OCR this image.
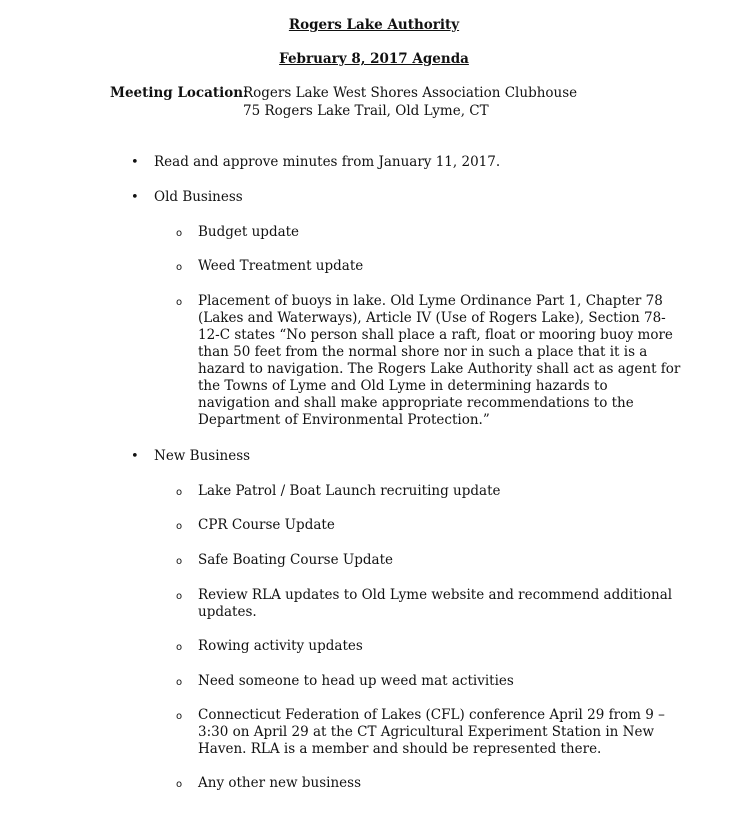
Rogers Lake Authority
February 8, 2017 Agenda
Meeting Location:
Rogers Lake West Shores Association Clubhouse
75 Rogers Lake Trail, Old Lyme, CT
• Read and approve minutes from January 11, 2017.
• Old Business
o Budget update
o Weed Treatment update
o Placement of buoys in lake. Old Lyme Ordinance Part 1, Chapter 78
(Lakes and Waterways), Article IV (Use of Rogers Lake), Section 78-
12-C states “No person shall place a raft, float or mooring buoy more
than 50 feet from the normal shore nor in such a place that it is a
hazard to navigation. The Rogers Lake Authority shall act as agent for
the Towns of Lyme and Old Lyme in determining hazards to
navigation and shall make appropriate recommendations to the
Department of Environmental Protection.”
• New Business
o Lake Patrol / Boat Launch recruiting update
o CPR Course Update
o Safe Boating Course Update
o Review RLA updates to Old Lyme website and recommend additional
updates.
o Rowing activity updates
o Need someone to head up weed mat activities
o Connecticut Federation of Lakes (CFL) conference April 29 from 9 –
3:30 on April 29 at the CT Agricultural Experiment Station in New
Haven. RLA is a member and should be represented there.
o Any other new business
